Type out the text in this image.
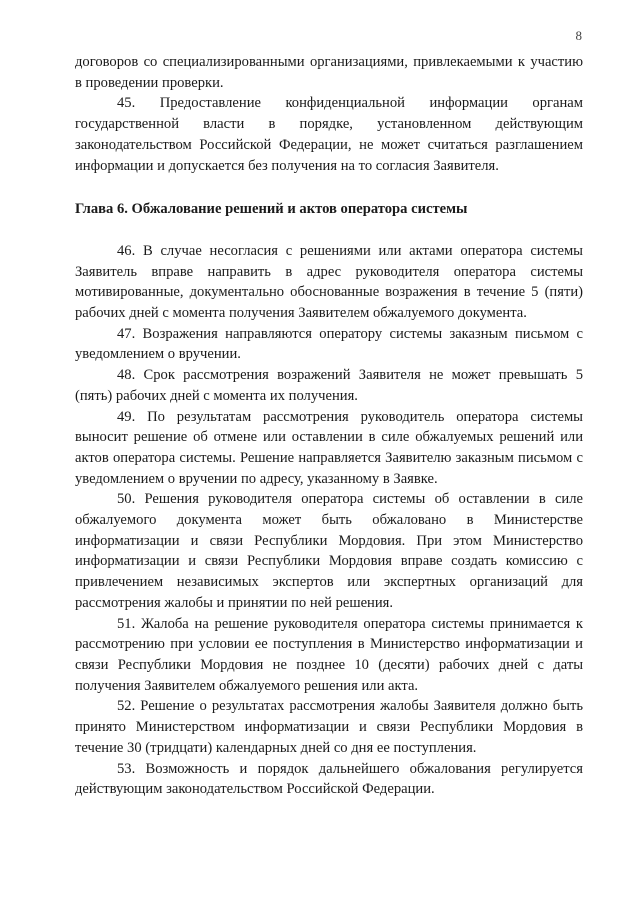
8

договоров со специализированными организациями, привлекаемыми к участию в проведении проверки.

45. Предоставление конфиденциальной информации органам государственной власти в порядке, установленном действующим законодательством Российской Федерации, не может считаться разглашением информации и допускается без получения на то согласия Заявителя.

Глава 6. Обжалование решений и актов оператора системы

46. В случае несогласия с решениями или актами оператора системы Заявитель вправе направить в адрес руководителя оператора системы мотивированные, документально обоснованные возражения в течение 5 (пяти) рабочих дней с момента получения Заявителем обжалуемого документа.

47. Возражения направляются оператору системы заказным письмом с уведомлением о вручении.

48. Срок рассмотрения возражений Заявителя не может превышать 5 (пять) рабочих дней с момента их получения.

49. По результатам рассмотрения руководитель оператора системы выносит решение об отмене или оставлении в силе обжалуемых решений или актов оператора системы. Решение направляется Заявителю заказным письмом с уведомлением о вручении по адресу, указанному в Заявке.

50. Решения руководителя оператора системы об оставлении в силе обжалуемого документа может быть обжаловано в Министерстве информатизации и связи Республики Мордовия. При этом Министерство информатизации и связи Республики Мордовия вправе создать комиссию с привлечением независимых экспертов или экспертных организаций для рассмотрения жалобы и принятии по ней решения.

51. Жалоба на решение руководителя оператора системы принимается к рассмотрению при условии ее поступления в Министерство информатизации и связи Республики Мордовия не позднее 10 (десяти) рабочих дней с даты получения Заявителем обжалуемого решения или акта.

52. Решение о результатах рассмотрения жалобы Заявителя должно быть принято Министерством информатизации и связи Республики Мордовия в течение 30 (тридцати) календарных дней со дня ее поступления.

53. Возможность и порядок дальнейшего обжалования регулируется действующим законодательством Российской Федерации.
